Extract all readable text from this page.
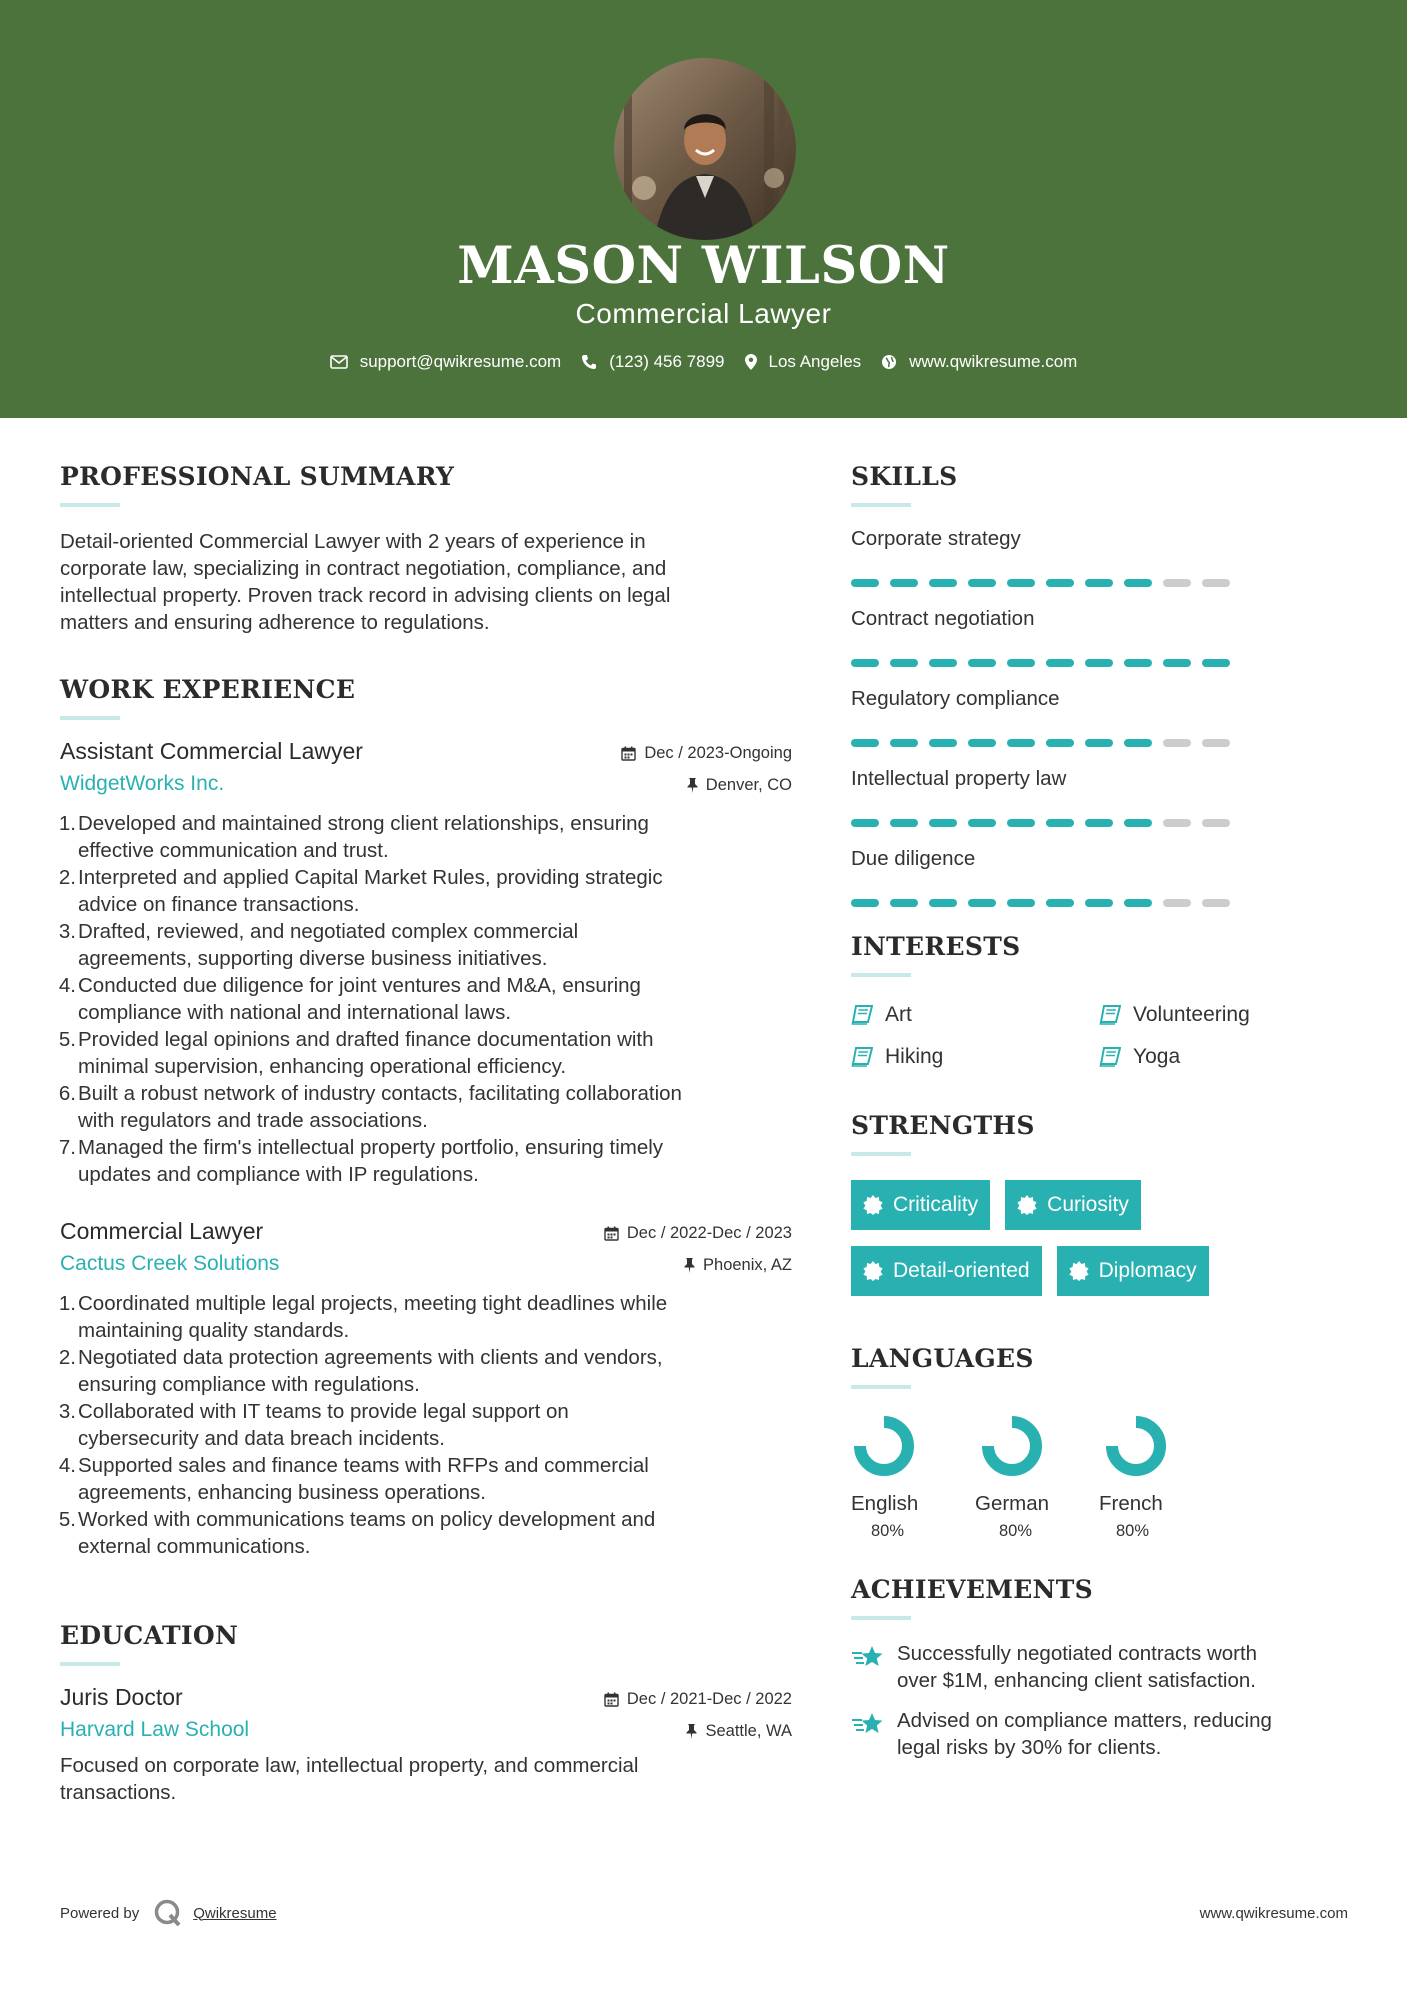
MASON WILSON
Commercial Lawyer
support@qwikresume.com	(123) 456 7899	Los Angeles	www.qwikresume.com
PROFESSIONAL SUMMARY
Detail-oriented Commercial Lawyer with 2 years of experience in
corporate law, specializing in contract negotiation, compliance, and
intellectual property. Proven track record in advising clients on legal
matters and ensuring adherence to regulations.
WORK EXPERIENCE
Assistant Commercial Lawyer	Dec / 2023-Ongoing
WidgetWorks Inc.	Denver, CO
1. Developed and maintained strong client relationships, ensuring
effective communication and trust.
2. Interpreted and applied Capital Market Rules, providing strategic
advice on finance transactions.
3. Drafted, reviewed, and negotiated complex commercial
agreements, supporting diverse business initiatives.
4. Conducted due diligence for joint ventures and M&A, ensuring
compliance with national and international laws.
5. Provided legal opinions and drafted finance documentation with
minimal supervision, enhancing operational efficiency.
6. Built a robust network of industry contacts, facilitating collaboration
with regulators and trade associations.
7. Managed the firm's intellectual property portfolio, ensuring timely
updates and compliance with IP regulations.
Commercial Lawyer	Dec / 2022-Dec / 2023
Cactus Creek Solutions	Phoenix, AZ
1. Coordinated multiple legal projects, meeting tight deadlines while
maintaining quality standards.
2. Negotiated data protection agreements with clients and vendors,
ensuring compliance with regulations.
3. Collaborated with IT teams to provide legal support on
cybersecurity and data breach incidents.
4. Supported sales and finance teams with RFPs and commercial
agreements, enhancing business operations.
5. Worked with communications teams on policy development and
external communications.
EDUCATION
Juris Doctor	Dec / 2021-Dec / 2022
Harvard Law School	Seattle, WA
Focused on corporate law, intellectual property, and commercial
transactions.
SKILLS
Corporate strategy
Contract negotiation
Regulatory compliance
Intellectual property law
Due diligence
INTERESTS
Art	Volunteering
Hiking	Yoga
STRENGTHS
Criticality	Curiosity
Detail-oriented	Diplomacy
LANGUAGES
English
80%
German
80%
French
80%
ACHIEVEMENTS
Successfully negotiated contracts worth
over $1M, enhancing client satisfaction.
Advised on compliance matters, reducing
legal risks by 30% for clients.
Powered by	Qwikresume	www.qwikresume.com
